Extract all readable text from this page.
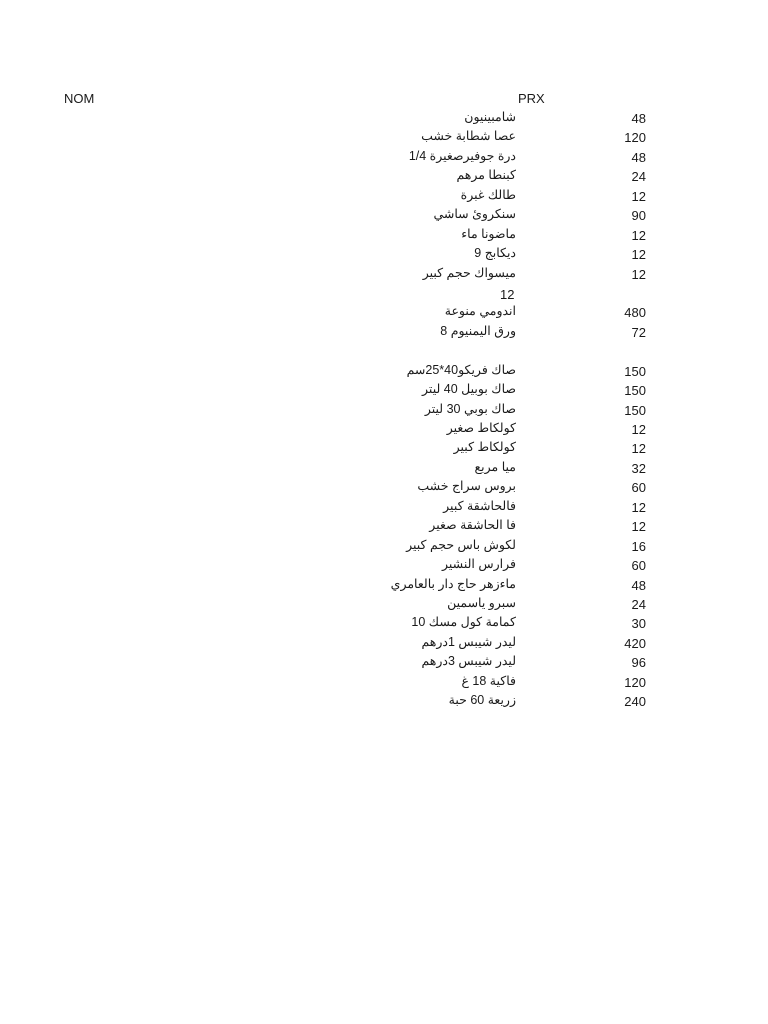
NOM	PRX
شامبينيون	48
عصا شطابة خشب	120
درة جوفيرصغيرة 1/4	48
كبنطا مرهم	24
طالك غبرة	12
سنكروئ ساشي	90
ماضونا ماء	12
ديكابج 9	12
ميسواك حجم كبير	12
12
اندومي منوعة	480
ورق اليمنيوم 8	72
صاك فريكو40*25سم	150
صاك بوبيل 40 ليتر	150
صاك بوبي 30 ليتر	150
كولكاط صغير	12
كولكاط كبير	12
ميا مربع	32
بروس سراج خشب	60
فالحاشقة كبير	12
فا الحاشقة صغير	12
لكوش باس حجم كبير	16
فرارس النشير	60
ماءزهر حاج دار بالعامري	48
سبرو ياسمين	24
كمامة كول مسك 10	30
ليدر شيبس 1درهم	420
ليدر شيبس 3درهم	96
فاكية 18 غ	120
زريعة 60 حبة	240
